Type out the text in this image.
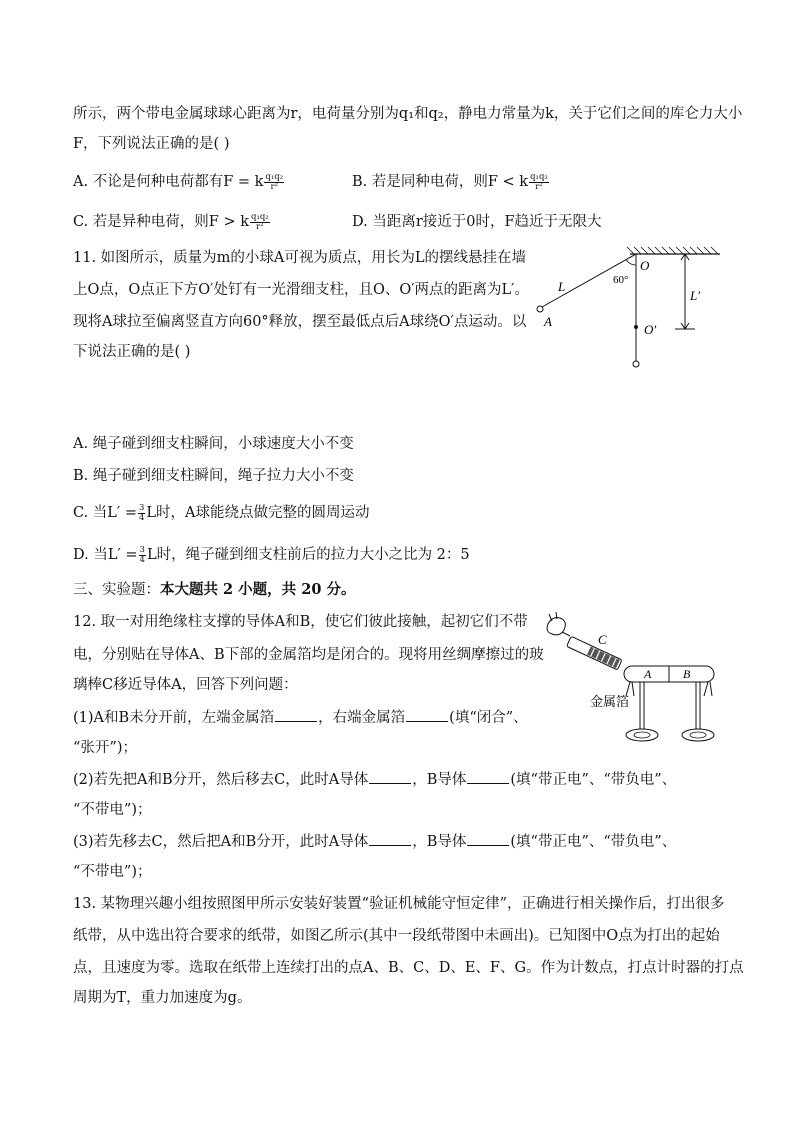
所示，两个带电金属球球心距离为r，电荷量分别为q₁和q₂，静电力常量为k，关于它们之间的库仑力大小
F，下列说法正确的是( )
A. 不论是何种电荷都有F = k $\frac{\text{q₁q₂}}{\text{r²}}$	B. 若是同种电荷，则F < k $\frac{\text{q₁q₂}}{\text{r²}}$
C. 若是异种电荷，则F > k $\frac{\text{q₁q₂}}{\text{r²}}$	D. 当距离r接近于0时，F趋近于无限大
11. 如图所示，质量为m的小球A可视为质点，用长为L的摆线悬挂在墙
上O点，O点正下方O′处钉有一光滑细支柱，且O、O′两点的距离为L′。
现将A球拉至偏离竖直方向60°释放，摆至最低点后A球绕O′点运动。以
下说法正确的是( )
L
O
60°
A
O′
L′
A. 绳子碰到细支柱瞬间，小球速度大小不变
B. 绳子碰到细支柱瞬间，绳子拉力大小不变
C. 当$L' = \frac{3}{4}$ L时，A球能绕点做完整的圆周运动
D. 当$L' = \frac{3}{4}$ L时，绳子碰到细支柱前后的拉力大小之比为 2：5
三、实验题：本大题共 2 小题，共 20 分。
12. 取一对用绝缘柱支撑的导体A和B，使它们彼此接触，起初它们不带
电，分别贴在导体A、B下部的金属箔均是闭合的。现将用丝绸摩擦过的玻
璃棒C移近导体A，回答下列问题：
C
A	B
金属箔
(1)A和B未分开前，左端金属箔	，右端金属箔	(填“闭合”、
“张开”)；
(2)若先把A和B分开，然后移去C，此时A导体	，B导体	(填“带正电”、“带负电”、
“不带电”)；
(3)若先移去C，然后把A和B分开，此时A导体	，B导体	(填“带正电”、“带负电”、
“不带电”)；
13. 某物理兴趣小组按照图甲所示安装好装置“验证机械能守恒定律”，正确进行相关操作后，打出很多
纸带，从中选出符合要求的纸带，如图乙所示(其中一段纸带图中未画出)。已知图中O点为打出的起始
点，且速度为零。选取在纸带上连续打出的点A、B、C、D、E、F、G。作为计数点，打点计时器的打点
周期为T，重力加速度为g。
